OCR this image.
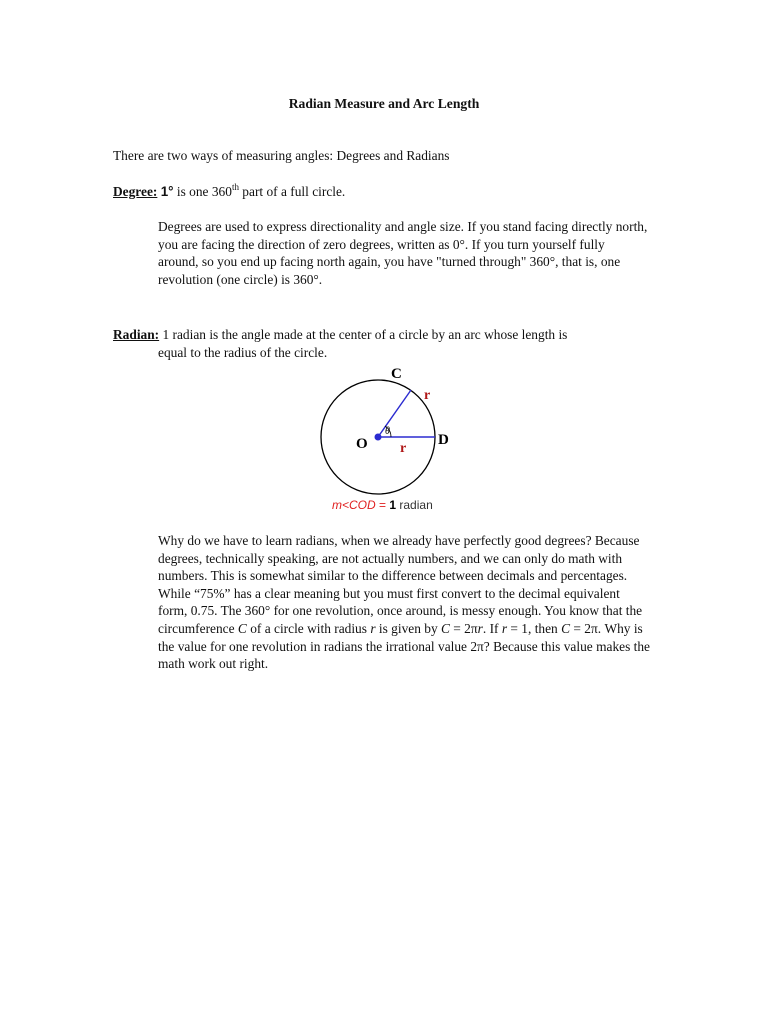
Radian Measure and Arc Length
There are two ways of measuring angles: Degrees and Radians
Degree: 1° is one 360th part of a full circle.
Degrees are used to express directionality and angle size. If you stand facing directly north, you are facing the direction of zero degrees, written as 0°. If you turn yourself fully around, so you end up facing north again, you have "turned through" 360°, that is, one revolution (one circle) is 360°.
Radian: 1 radian is the angle made at the center of a circle by an arc whose length is
equal to the radius of the circle.
C
O	D
r
r
θ
m<COD = 1 radian
Why do we have to learn radians, when we already have perfectly good degrees? Because degrees, technically speaking, are not actually numbers, and we can only do math with numbers. This is somewhat similar to the difference between decimals and percentages. While “75%” has a clear meaning but you must first convert to the decimal equivalent form, 0.75. The 360° for one revolution, once around, is messy enough. You know that the circumference C of a circle with radius r is given by C = 2πr. If r = 1, then C = 2π. Why is the value for one revolution in radians the irrational value 2π? Because this value makes the math work out right.
